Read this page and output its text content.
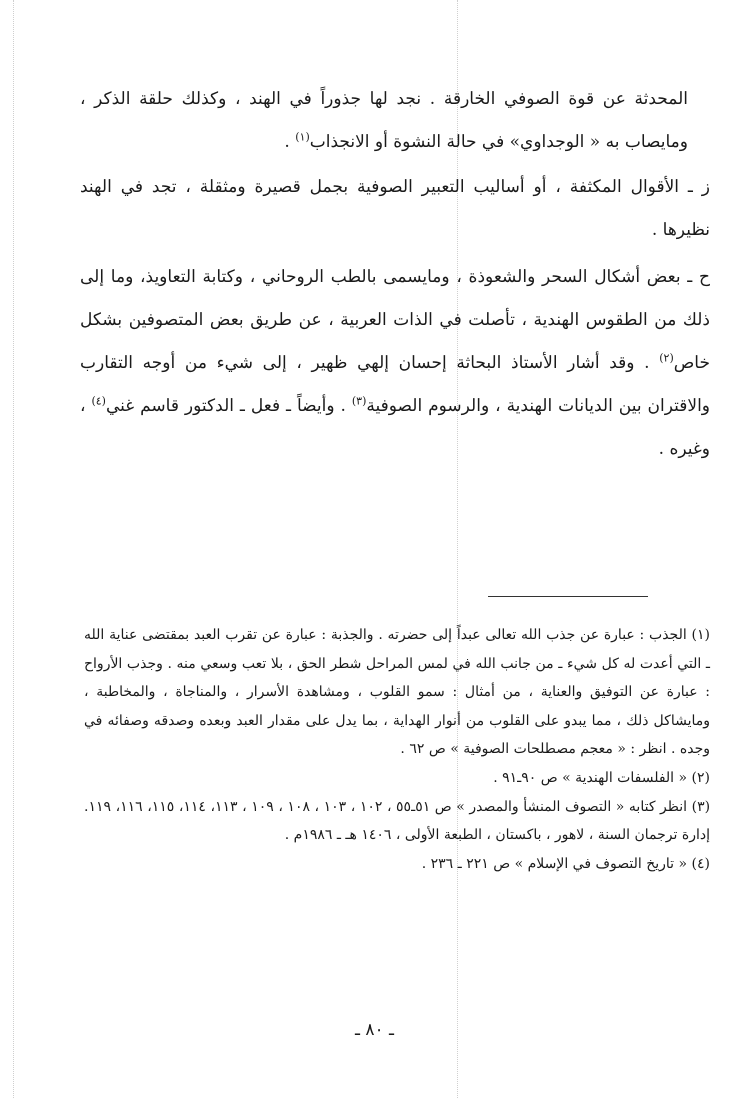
المحدثة عن قوة الصوفي الخارقة . نجد لها جذوراً في الهند ، وكذلك حلقة الذكر ، ومايصاب به « الوجداوي» في حالة النشوة أو الانجذاب$^{(١)}$ .
ز ـ الأقوال المكثفة ، أو أساليب التعبير الصوفية بجمل قصيرة ومثقلة ، تجد في الهند نظيرها .
ح ـ بعض أشكال السحر والشعوذة ، ومايسمى بالطب الروحاني ، وكتابة التعاويذ، وما إلى ذلك من الطقوس الهندية ، تأصلت في الذات العربية ، عن طريق بعض المتصوفين بشكل خاص$^{(٢)}$ . وقد أشار الأستاذ البحاثة إحسان إلهي ظهير ، إلى شيء من أوجه التقارب والاقتران بين الديانات الهندية ، والرسوم الصوفية$^{(٣)}$ . وأيضاً ـ فعل ـ الدكتور قاسم غني$^{(٤)}$ ، وغيره .
(١) الجذب : عبارة عن جذب الله تعالى عبداً إلى حضرته . والجذبة : عبارة عن تقرب العبد بمقتضى عناية الله ـ التي أعدت له كل شيء ـ من جانب الله في لمس المراحل شطر الحق ، بلا تعب وسعي منه . وجذب الأرواح : عبارة عن التوفيق والعناية ، من أمثال : سمو القلوب ، ومشاهدة الأسرار ، والمناجاة ، والمخاطبة ، ومايشاكل ذلك ، مما يبدو على القلوب من أنوار الهداية ، بما يدل على مقدار العبد وبعده وصدقه وصفائه في وجده . انظر : « معجم مصطلحات الصوفية » ص ٦٢ .
(٢) « الفلسفات الهندية » ص ٩٠ـ٩١ .
(٣) انظر كتابه « التصوف المنشأ والمصدر » ص ٥١ـ٥٥ ، ١٠٢ ، ١٠٣ ، ١٠٨ ، ١٠٩ ، ١١٣، ١١٤، ١١٥، ١١٦، ١١٩. إدارة ترجمان السنة ، لاهور ، باكستان ، الطبعة الأولى ، ١٤٠٦ هـ ـ ١٩٨٦م .
(٤) « تاريخ التصوف في الإسلام » ص ٢٢١ ـ ٢٣٦ .
ـ ٨٠ ـ
